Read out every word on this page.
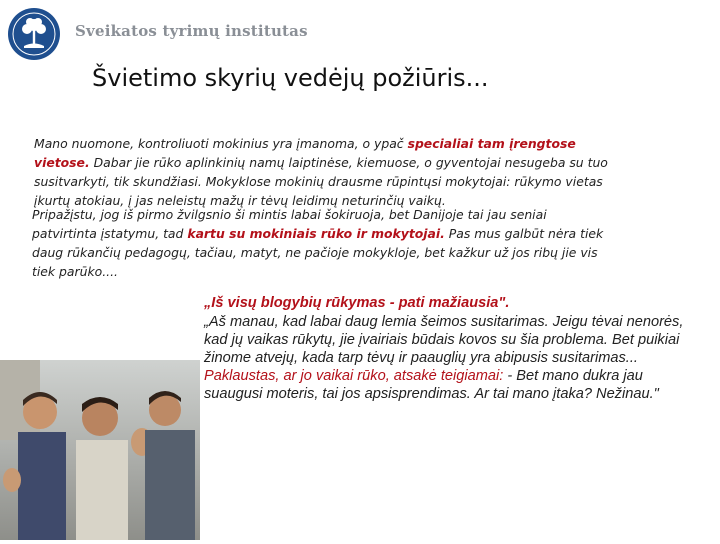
Sveikatos tyrimų institutas
Švietimo skyrių vedėjų požiūris...
Mano nuomone, kontroliuoti mokinius yra įmanoma, o ypač specialiai tam įrengtose vietose. Dabar jie rūko aplinkinių namų laiptinėse, kiemuose, o gyventojai nesugeba su tuo susitvarkyti, tik skundžiasi. Mokyklose mokinių drausme rūpintųsi mokytojai: rūkymo vietas įkurtų atokiau, į jas neleistų mažų ir tėvų leidimų neturinčių vaikų.
Pripažįstu, jog iš pirmo žvilgsnio ši mintis labai šokiruoja, bet Danijoje tai jau seniai patvirtinta įstatymu, tad kartu su mokiniais rūko ir mokytojai. Pas mus galbūt nėra tiek daug rūkančių pedagogų, tačiau, matyt, ne pačioje mokykloje, bet kažkur už jos ribų jie vis tiek parūko....
„Iš visų blogybių rūkymas - pati mažiausia".
„Aš manau, kad labai daug lemia šeimos susitarimas. Jeigu tėvai nenorės, kad jų vaikas rūkytų, jie įvairiais būdais kovos su šia problema. Bet puikiai žinome atvejų, kada tarp tėvų ir paauglių yra abipusis susitarimas...
Paklaustas, ar jo vaikai rūko, atsakė teigiamai: - Bet mano dukra jau suaugusi moteris, tai jos apsisprendimas. Ar tai mano įtaka? Nežinau."
